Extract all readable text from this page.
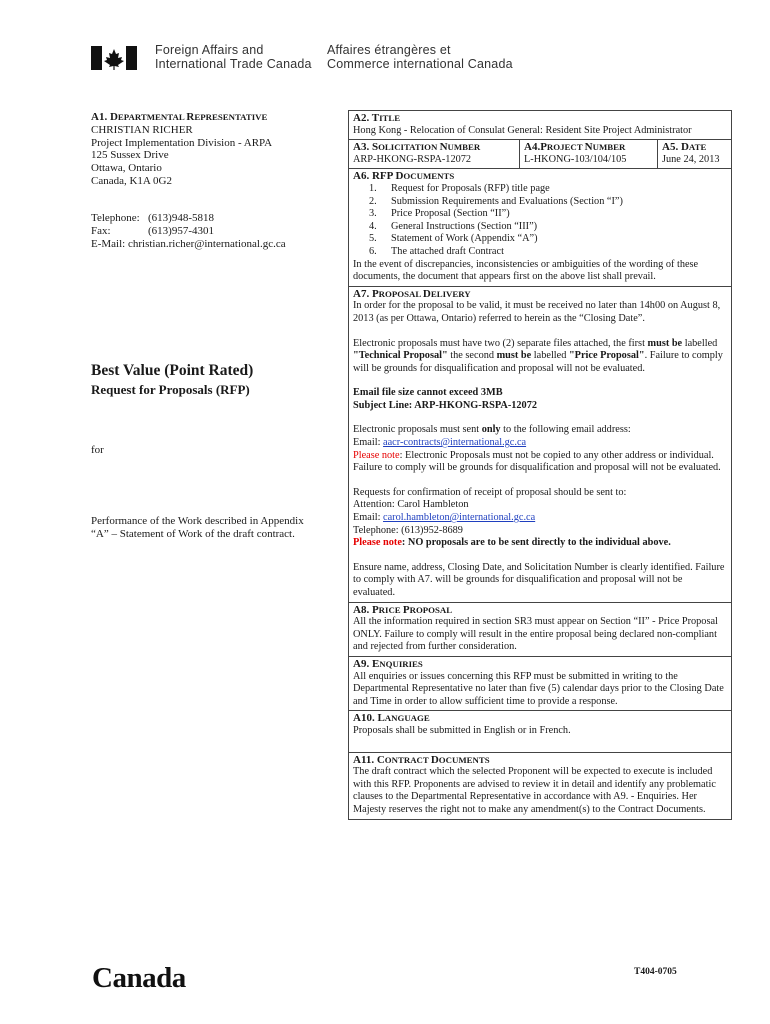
Foreign Affairs and
International Trade Canada
Affaires étrangères et
Commerce international Canada
A1. DEPARTMENTAL REPRESENTATIVE
CHRISTIAN RICHER
Project Implementation Division - ARPA
125 Sussex Drive
Ottawa, Ontario
Canada, K1A 0G2
Telephone: (613)948-5818
Fax:	(613)957-4301
E-Mail: christian.richer@international.gc.ca
Best Value (Point Rated)
Request for Proposals (RFP)
for
Performance of the Work described in Appendix “A” – Statement of Work of the draft contract.
A2. TITLE
Hong Kong - Relocation of Consulat General: Resident Site Project Administrator
A3. SOLICITATION NUMBER
ARP-HKONG-RSPA-12072
A4.PROJECT NUMBER
L-HKONG-103/104/105
A5. DATE
June 24, 2013
A6. RFP DOCUMENTS
1.	Request for Proposals (RFP) title page
2.	Submission Requirements and Evaluations (Section “I”)
3.	Price Proposal (Section “II”)
4.	General Instructions (Section “III”)
5.	Statement of Work (Appendix “A”)
6.	The attached draft Contract
In the event of discrepancies, inconsistencies or ambiguities of the wording of these documents, the document that appears first on the above list shall prevail.
A7. PROPOSAL DELIVERY
In order for the proposal to be valid, it must be received no later than 14h00 on August 8, 2013 (as per Ottawa, Ontario) referred to herein as the “Closing Date”.
Electronic proposals must have two (2) separate files attached, the first must be labelled "Technical Proposal" the second must be labelled "Price Proposal". Failure to comply will be grounds for disqualification and proposal will not be evaluated.
Email file size cannot exceed 3MB
Subject Line: ARP-HKONG-RSPA-12072
Electronic proposals must sent only to the following email address:
Email: aacr-contracts@international.gc.ca
Please note: Electronic Proposals must not be copied to any other address or individual. Failure to comply will be grounds for disqualification and proposal will not be evaluated.
Requests for confirmation of receipt of proposal should be sent to:
Attention: Carol Hambleton
Email: carol.hambleton@international.gc.ca
Telephone: (613)952-8689
Please note: NO proposals are to be sent directly to the individual above.
Ensure name, address, Closing Date, and Solicitation Number is clearly identified. Failure to comply with A7. will be grounds for disqualification and proposal will not be evaluated.
A8. PRICE PROPOSAL
All the information required in section SR3 must appear on Section “II” - Price Proposal ONLY. Failure to comply will result in the entire proposal being declared non-compliant and rejected from further consideration.
A9. ENQUIRIES
All enquiries or issues concerning this RFP must be submitted in writing to the Departmental Representative no later than five (5) calendar days prior to the Closing Date and Time in order to allow sufficient time to provide a response.
A10. LANGUAGE
Proposals shall be submitted in English or in French.
A11. CONTRACT DOCUMENTS
The draft contract which the selected Proponent will be expected to execute is included with this RFP. Proponents are advised to review it in detail and identify any problematic clauses to the Departmental Representative in accordance with A9. - Enquiries. Her Majesty reserves the right not to make any amendment(s) to the Contract Documents.
Canada	T404-0705
